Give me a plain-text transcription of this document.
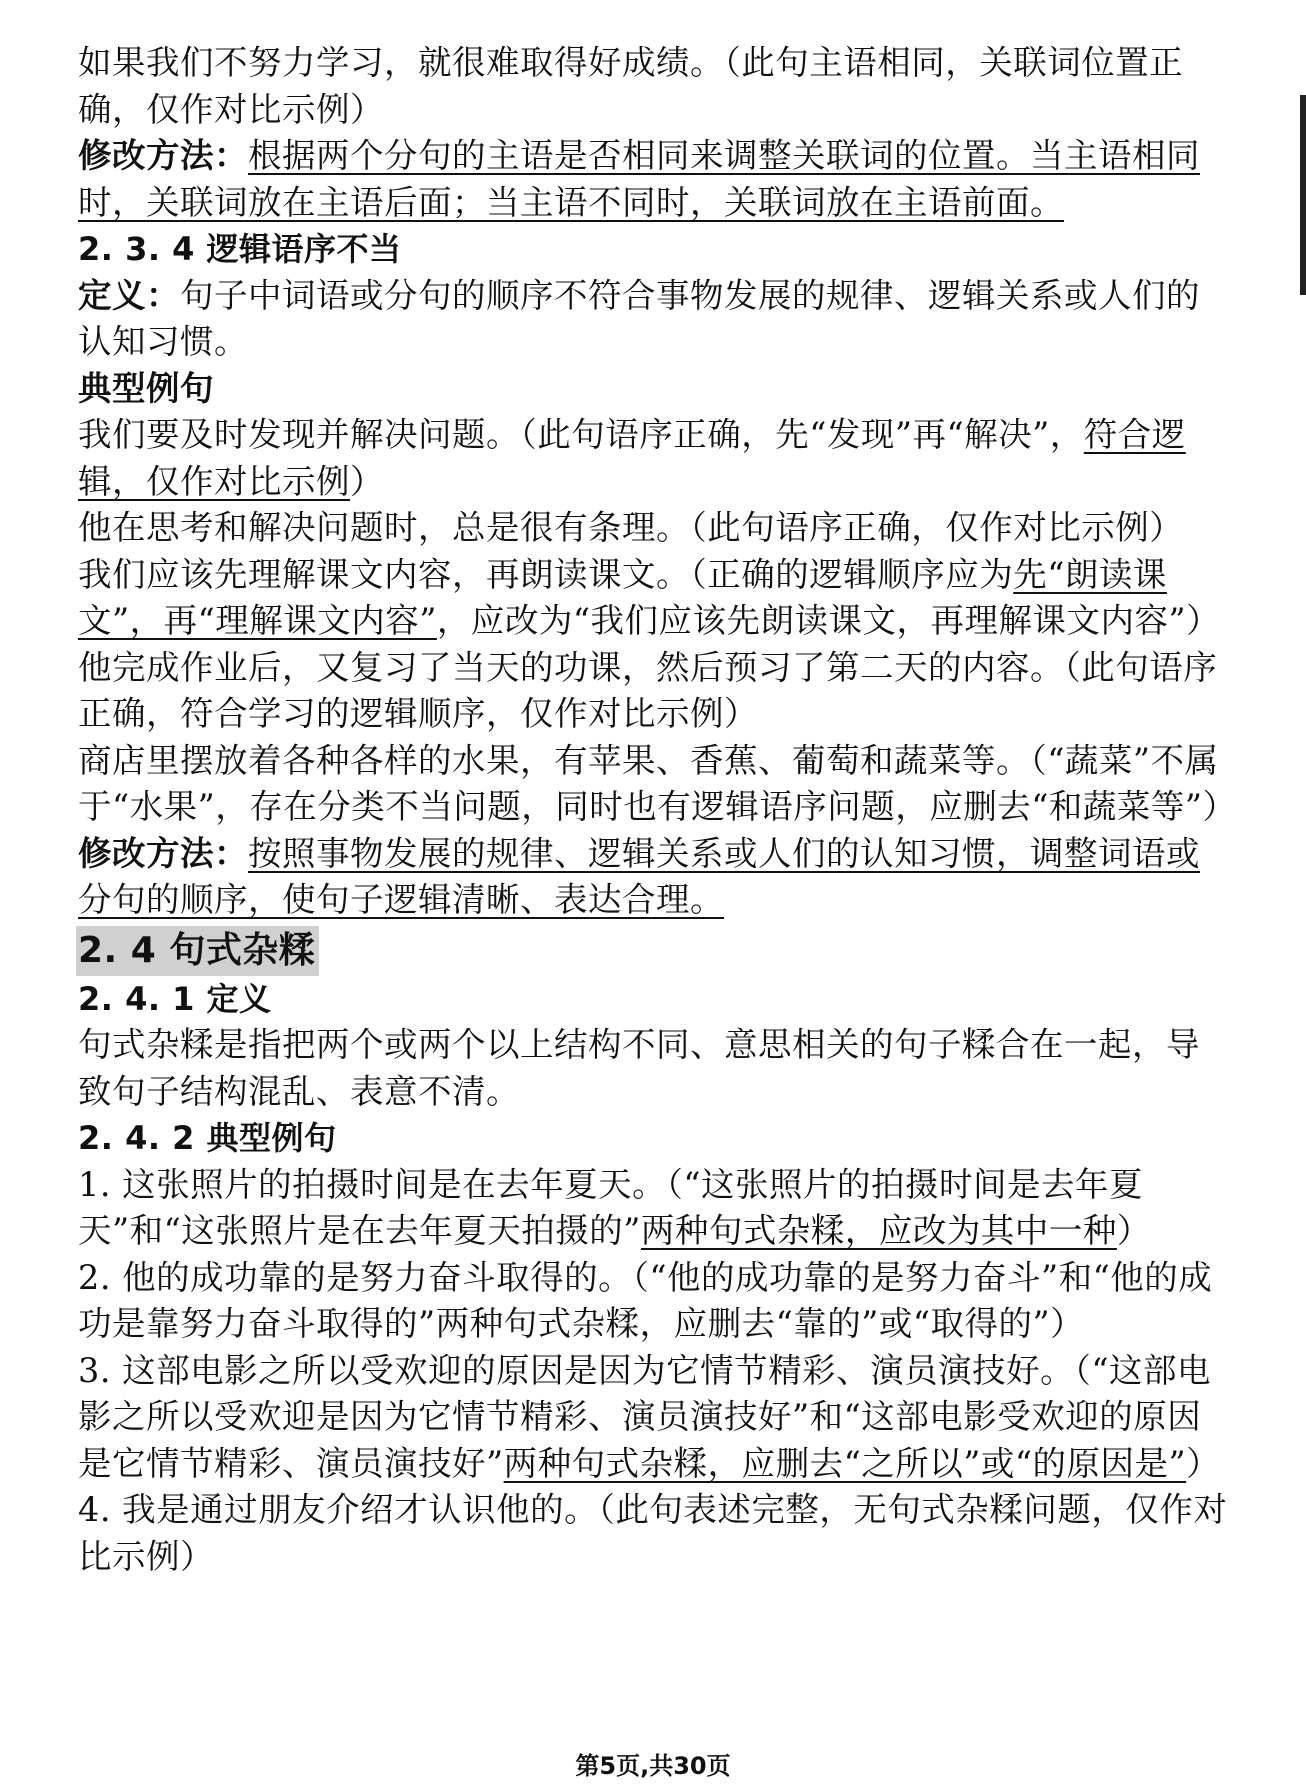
如果我们不努力学习，就很难取得好成绩。（此句主语相同，关联词位置正确，仅作对比示例）

修改方法：根据两个分句的主语是否相同来调整关联词的位置。当主语相同时，关联词放在主语后面；当主语不同时，关联词放在主语前面。

2. 3. 4 逻辑语序不当

定义：句子中词语或分句的顺序不符合事物发展的规律、逻辑关系或人们的认知习惯。

典型例句

我们要及时发现并解决问题。（此句语序正确，先“发现”再“解决”，符合逻辑，仅作对比示例）

他在思考和解决问题时，总是很有条理。（此句语序正确，仅作对比示例）

我们应该先理解课文内容，再朗读课文。（正确的逻辑顺序应为先“朗读课文”，再“理解课文内容”，应改为“我们应该先朗读课文，再理解课文内容”）

他完成作业后，又复习了当天的功课，然后预习了第二天的内容。（此句语序正确，符合学习的逻辑顺序，仅作对比示例）

商店里摆放着各种各样的水果，有苹果、香蕉、葡萄和蔬菜等。（“蔬菜”不属于“水果”，存在分类不当问题，同时也有逻辑语序问题，应删去“和蔬菜等”）

修改方法：按照事物发展的规律、逻辑关系或人们的认知习惯，调整词语或分句的顺序，使句子逻辑清晰、表达合理。

2. 4 句式杂糅

2. 4. 1 定义

句式杂糅是指把两个或两个以上结构不同、意思相关的句子糅合在一起，导致句子结构混乱、表意不清。

2. 4. 2 典型例句

1. 这张照片的拍摄时间是在去年夏天。（“这张照片的拍摄时间是去年夏天”和“这张照片是在去年夏天拍摄的”两种句式杂糅，应改为其中一种）

2. 他的成功靠的是努力奋斗取得的。（“他的成功靠的是努力奋斗”和“他的成功是靠努力奋斗取得的”两种句式杂糅，应删去“靠的”或“取得的”）

3. 这部电影之所以受欢迎的原因是因为它情节精彩、演员演技好。（“这部电影之所以受欢迎是因为它情节精彩、演员演技好”和“这部电影受欢迎的原因是它情节精彩、演员演技好”两种句式杂糅，应删去“之所以”或“的原因是”）

4. 我是通过朋友介绍才认识他的。（此句表述完整，无句式杂糅问题，仅作对比示例）

第5页,共30页
